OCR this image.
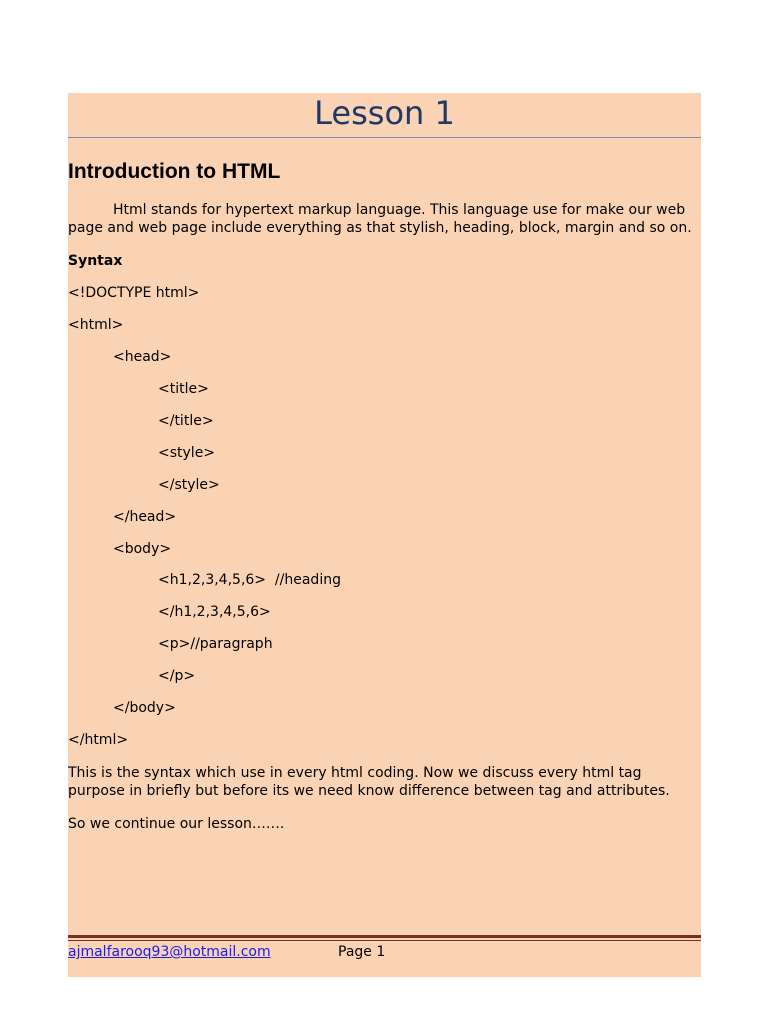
Lesson 1
Introduction to HTML
Html stands for hypertext markup language. This language use for make our web page and web page include everything as that stylish, heading, block, margin and so on.
Syntax
<!DOCTYPE html>
<html>
<head>
<title>
</title>
<style>
</style>
</head>
<body>
<h1,2,3,4,5,6>  //heading
</h1,2,3,4,5,6>
<p>//paragraph
</p>
</body>
</html>
This is the syntax which use in every html coding. Now we discuss every html tag purpose in briefly but before its we need know difference between tag and attributes.
So we continue our lesson…….
ajmalfarooq93@hotmail.com	Page 1
